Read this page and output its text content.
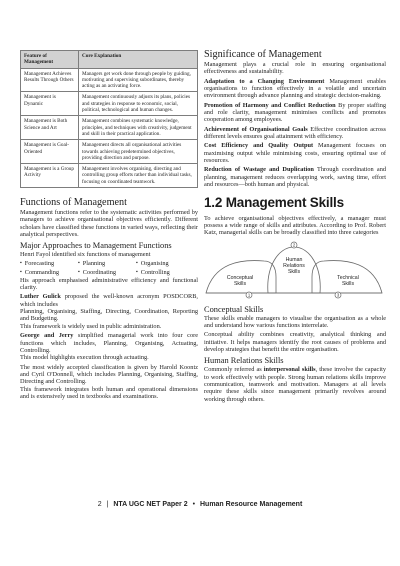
Feature of Management	Core Explanation
Management Achieves Results Through Others	Managers get work done through people by guiding, motivating and supervising subordinates, thereby acting as an activating force.
Management is Dynamic	Management continuously adjusts its plans, policies and strategies in response to economic, social, political, technological and human changes.
Management is Both Science and Art	Management combines systematic knowledge, principles, and techniques with creativity, judgement and skill in their practical application.
Management is Goal-Oriented	Management directs all organisational activities towards achieving predetermined objectives, providing direction and purpose.
Management is a Group Activity	Management involves organising, directing and controlling group efforts rather than individual tasks, focusing on coordinated teamwork.
Functions of Management

Management functions refer to the systematic activities performed by managers to achieve organisational objectives efficiently. Different scholars have classified these functions in varied ways, reflecting their analytical perspectives.

Major Approaches to Management Functions

Henri Fayol identified six functions of management

▪ Forecasting	▪ Planning	▪ Organising
▪ Commanding	▪ Coordinating	▪ Controlling

His approach emphasised administrative efficiency and functional clarity.

Luther Gulick proposed the well-known acronym POSDCORB, which includes

Planning, Organising, Staffing, Directing, Coordination, Reporting and Budgeting.

This framework is widely used in public administration.

George and Jerry simplified managerial work into four core functions which includes, Planning, Organising, Actuating, Controlling.

This model highlights execution through actuating.

The most widely accepted classification is given by Harold Koontz and Cyril O'Donnell, which includes Planning, Organising, Staffing, Directing and Controlling.

This framework integrates both human and operational dimensions and is extensively used in textbooks and examinations.

Significance of Management

Management plays a crucial role in ensuring organisational effectiveness and sustainability.

Adaptation to a Changing Environment Management enables organisations to function effectively in a volatile and uncertain environment through advance planning and strategic decision-making.

Promotion of Harmony and Conflict Reduction By proper staffing and role clarity, management minimises conflicts and promotes cooperation among employees.

Achievement of Organisational Goals Effective coordination across different levels ensures goal attainment with efficiency.

Cost Efficiency and Quality Output Management focuses on maximising output while minimising costs, ensuring optimal use of resources.

Reduction of Wastage and Duplication Through coordination and planning, management reduces overlapping work, saving time, effort and resources—both human and physical.

1.2 Management Skills

To achieve organisational objectives effectively, a manager must possess a wide range of skills and attributes. According to Prof. Robert Katz, managerial skills can be broadly classified into three categories

1
2
3
Conceptual
Skills
Human
Relations
Skills
Technical
Skills
Conceptual Skills

These skills enable managers to visualise the organisation as a whole and understand how various functions interrelate.

Conceptual ability combines creativity, analytical thinking and initiative. It helps managers identify the root causes of problems and develop strategies that benefit the entire organisation.

Human Relations Skills

Commonly referred as interpersonal skills, these involve the capacity to work effectively with people. Strong human relations skills improve communication, teamwork and motivation. Managers at all levels require these skills since management primarily revolves around working through others.

2 | NTA UGC NET Paper 2 • Human Resource Management
